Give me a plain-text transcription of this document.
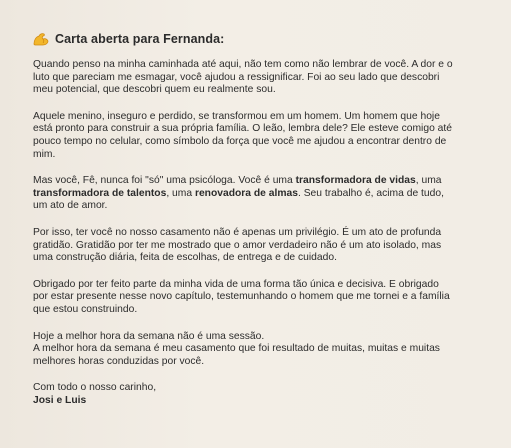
Carta aberta para Fernanda:

Quando penso na minha caminhada até aqui, não tem como não lembrar de você. A dor e o
luto que pareciam me esmagar, você ajudou a ressignificar. Foi ao seu lado que descobri
meu potencial, que descobri quem eu realmente sou.

Aquele menino, inseguro e perdido, se transformou em um homem. Um homem que hoje
está pronto para construir a sua própria família. O leão, lembra dele? Ele esteve comigo até
pouco tempo no celular, como símbolo da força que você me ajudou a encontrar dentro de
mim.

Mas você, Fê, nunca foi "só" uma psicóloga. Você é uma transformadora de vidas, uma
transformadora de talentos, uma renovadora de almas. Seu trabalho é, acima de tudo,
um ato de amor.

Por isso, ter você no nosso casamento não é apenas um privilégio. É um ato de profunda
gratidão. Gratidão por ter me mostrado que o amor verdadeiro não é um ato isolado, mas
uma construção diária, feita de escolhas, de entrega e de cuidado.

Obrigado por ter feito parte da minha vida de uma forma tão única e decisiva. E obrigado
por estar presente nesse novo capítulo, testemunhando o homem que me tornei e a família
que estou construindo.

Hoje a melhor hora da semana não é uma sessão.
A melhor hora da semana é meu casamento que foi resultado de muitas, muitas e muitas
melhores horas conduzidas por você.

Com todo o nosso carinho,
Josi e Luis
